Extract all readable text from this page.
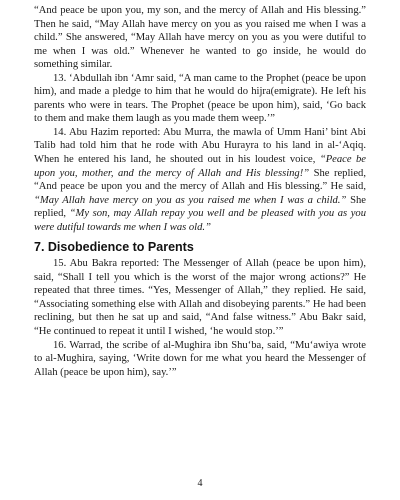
“And peace be upon you, my son, and the mercy of Allah and His blessing.” Then he said, “May Allah have mercy on you as you raised me when I was a child.” She answered, “May Allah have mercy on you as you were dutiful to me when I was old.” Whenever he wanted to go inside, he would do something similar.

13. ‘Abdullah ibn ‘Amr said, “A man came to the Prophet (peace be upon him), and made a pledge to him that he would do hijra(emigrate). He left his parents who were in tears. The Prophet (peace be upon him), said, ‘Go back to them and make them laugh as you made them weep.’”

14. Abu Hazim reported: Abu Murra, the mawla of Umm Hani’ bint Abi Talib had told him that he rode with Abu Hurayra to his land in al-‘Aqiq. When he entered his land, he shouted out in his loudest voice, “Peace be upon you, mother, and the mercy of Allah and His blessing!” She replied, “And peace be upon you and the mercy of Allah and His blessing.” He said, “May Allah have mercy on you as you raised me when I was a child.” She replied, “My son, may Allah repay you well and be pleased with you as you were dutiful towards me when I was old.”

7. Disobedience to Parents

15. Abu Bakra reported: The Messenger of Allah (peace be upon him), said, “Shall I tell you which is the worst of the major wrong actions?” He repeated that three times. “Yes, Messenger of Allah,” they replied. He said, “Associating something else with Allah and disobeying parents.” He had been reclining, but then he sat up and said, “And false witness.” Abu Bakr said, “He continued to repeat it until I wished, ‘he would stop.’”

16. Warrad, the scribe of al-Mughira ibn Shu‘ba, said, “Mu‘awiya wrote to al-Mughira, saying, ‘Write down for me what you heard the Messenger of Allah (peace be upon him), say.’”

4
